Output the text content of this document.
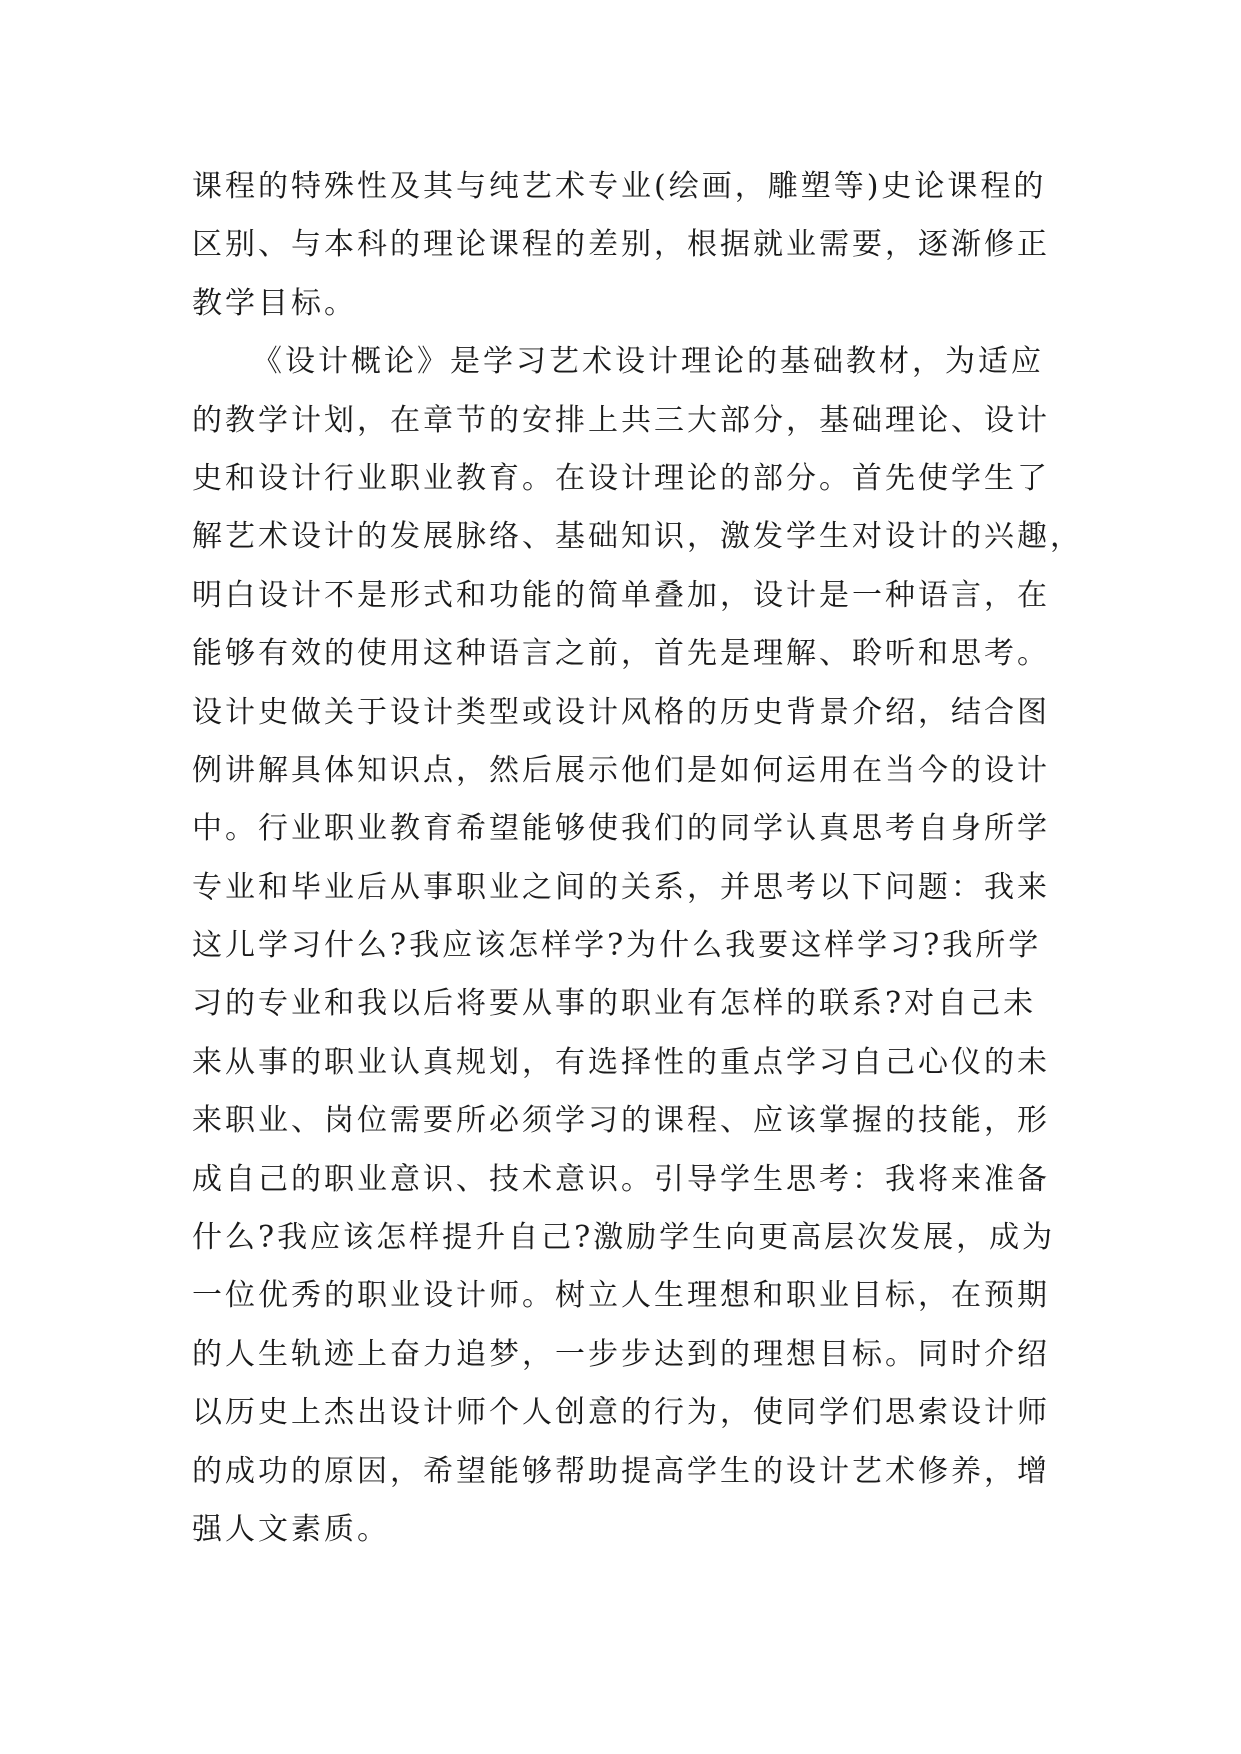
课程的特殊性及其与纯艺术专业(绘画，雕塑等)史论课程的
区别、与本科的理论课程的差别，根据就业需要，逐渐修正
教学目标。
《设计概论》是学习艺术设计理论的基础教材，为适应
的教学计划，在章节的安排上共三大部分，基础理论、设计
史和设计行业职业教育。在设计理论的部分。首先使学生了
解艺术设计的发展脉络、基础知识，激发学生对设计的兴趣，
明白设计不是形式和功能的简单叠加，设计是一种语言，在
能够有效的使用这种语言之前，首先是理解、聆听和思考。
设计史做关于设计类型或设计风格的历史背景介绍，结合图
例讲解具体知识点，然后展示他们是如何运用在当今的设计
中。行业职业教育希望能够使我们的同学认真思考自身所学
专业和毕业后从事职业之间的关系，并思考以下问题：我来
这儿学习什么?我应该怎样学?为什么我要这样学习?我所学
习的专业和我以后将要从事的职业有怎样的联系?对自己未
来从事的职业认真规划，有选择性的重点学习自己心仪的未
来职业、岗位需要所必须学习的课程、应该掌握的技能，形
成自己的职业意识、技术意识。引导学生思考：我将来准备
什么?我应该怎样提升自己?激励学生向更高层次发展，成为
一位优秀的职业设计师。树立人生理想和职业目标，在预期
的人生轨迹上奋力追梦，一步步达到的理想目标。同时介绍
以历史上杰出设计师个人创意的行为，使同学们思索设计师
的成功的原因，希望能够帮助提高学生的设计艺术修养，增
强人文素质。
